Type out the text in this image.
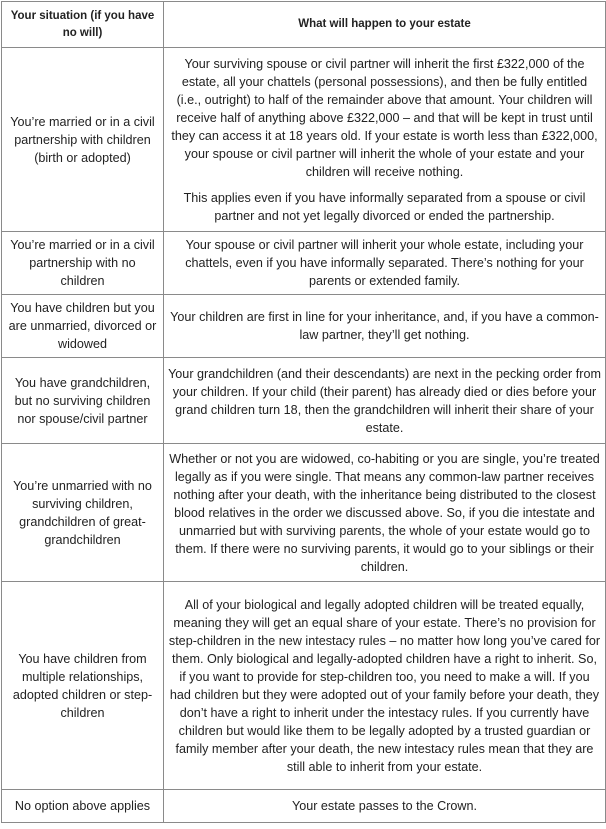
Your situation (if you have no will)	What will happen to your estate
You’re married or in a civil partnership with children (birth or adopted)	Your surviving spouse or civil partner will inherit the first £322,000 of the estate, all your chattels (personal possessions), and then be fully entitled (i.e., outright) to half of the remainder above that amount. Your children will receive half of anything above £322,000 – and that will be kept in trust until they can access it at 18 years old. If your estate is worth less than £322,000, your spouse or civil partner will inherit the whole of your estate and your children will receive nothing.

This applies even if you have informally separated from a spouse or civil partner and not yet legally divorced or ended the partnership.

You’re married or in a civil partnership with no children	Your spouse or civil partner will inherit your whole estate, including your chattels, even if you have informally separated. There’s nothing for your parents or extended family.
You have children but you are unmarried, divorced or widowed	Your children are first in line for your inheritance, and, if you have a common-law partner, they’ll get nothing.
You have grandchildren, but no surviving children nor spouse/civil partner	Your grandchildren (and their descendants) are next in the pecking order from your children. If your child (their parent) has already died or dies before your grand children turn 18, then the grandchildren will inherit their share of your estate.
You’re unmarried with no surviving children, grandchildren of great-grandchildren	Whether or not you are widowed, co-habiting or you are single, you’re treated legally as if you were single. That means any common-law partner receives nothing after your death, with the inheritance being distributed to the closest blood relatives in the order we discussed above. So, if you die intestate and unmarried but with surviving parents, the whole of your estate would go to them. If there were no surviving parents, it would go to your siblings or their children.
You have children from multiple relationships, adopted children or step-children	All of your biological and legally adopted children will be treated equally, meaning they will get an equal share of your estate. There’s no provision for step-children in the new intestacy rules – no matter how long you’ve cared for them. Only biological and legally-adopted children have a right to inherit. So, if you want to provide for step-children too, you need to make a will. If you had children but they were adopted out of your family before your death, they don’t have a right to inherit under the intestacy rules. If you currently have children but would like them to be legally adopted by a trusted guardian or family member after your death, the new intestacy rules mean that they are still able to inherit from your estate.
No option above applies	Your estate passes to the Crown.
